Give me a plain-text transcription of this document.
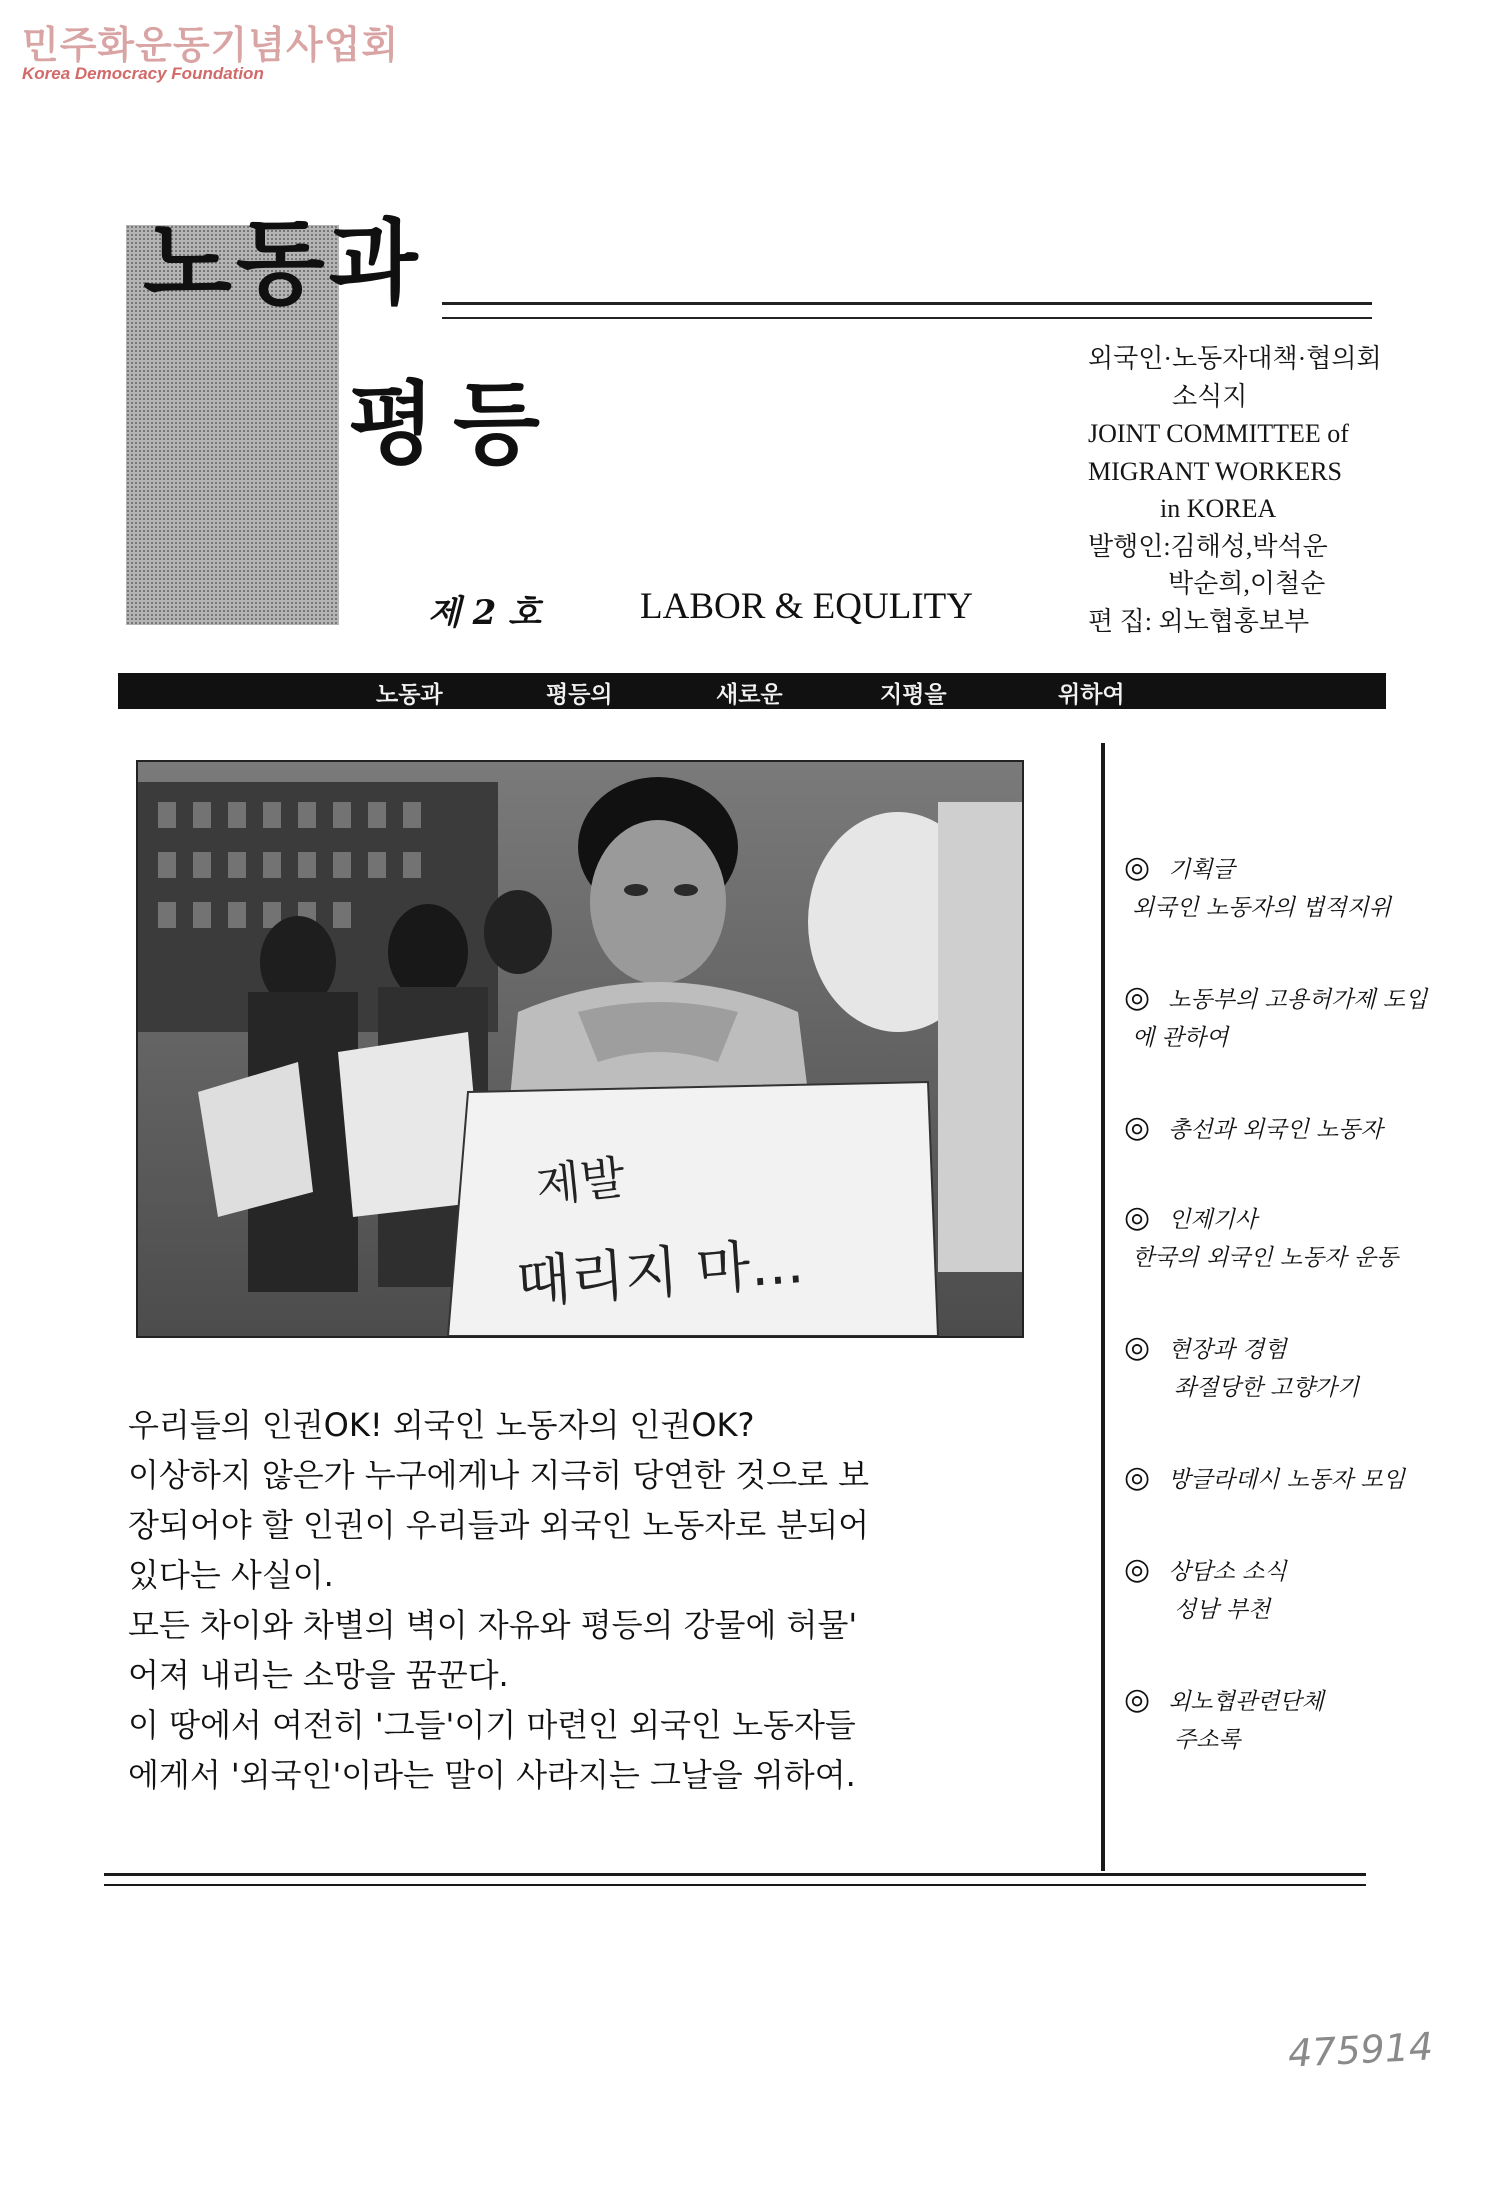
민주화운동기념사업회
Korea Democracy Foundation
노동과
평등
제 2 호	LABOR & EQULITY
외국인·노동자대책·협의회
소식지
JOINT COMMITTEE of
MIGRANT WORKERS
in KOREA
발행인:김해성,박석운
박순희,이철순
편 집: 외노협홍보부
노동과	평등의	새로운	지평을	위하여
제발
때리지 마...
우리들의 인권OK! 외국인 노동자의 인권OK?
이상하지 않은가 누구에게나 지극히 당연한 것으로 보
장되어야 할 인권이 우리들과 외국인 노동자로 분되어
있다는 사실이.
모든 차이와 차별의 벽이 자유와 평등의 강물에 허물'
어져 내리는 소망을 꿈꾼다.
이 땅에서 여전히 '그들'이기 마련인 외국인 노동자들
에게서 '외국인'이라는 말이 사라지는 그날을 위하여.
◎ 기획글
외국인 노동자의 법적지위
◎ 노동부의 고용허가제 도입
에 관하여
◎ 총선과 외국인 노동자
◎ 인제기사
한국의 외국인 노동자 운동
◎ 현장과 경험
좌절당한 고향가기
◎ 방글라데시 노동자 모임
◎ 상담소 소식
성남 부천
◎ 외노협관련단체
주소록
475914
